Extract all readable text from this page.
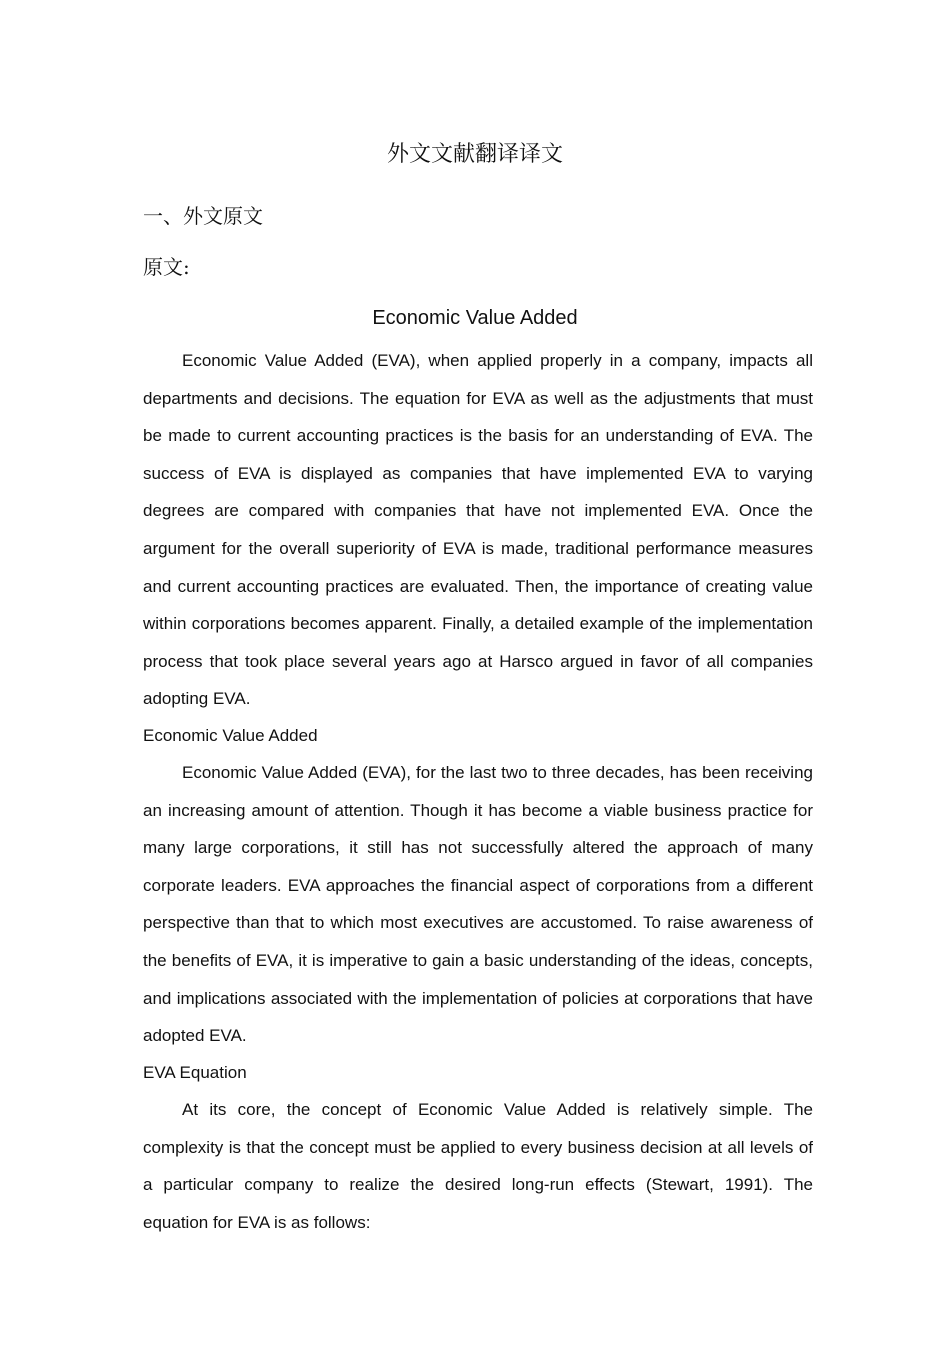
外文文献翻译译文
一、外文原文
原文:
Economic Value Added

Economic Value Added (EVA), when applied properly in a company, impacts all departments and decisions. The equation for EVA as well as the adjustments that must be made to current accounting practices is the basis for an understanding of EVA. The success of EVA is displayed as companies that have implemented EVA to varying degrees are compared with companies that have not implemented EVA. Once the argument for the overall superiority of EVA is made, traditional performance measures and current accounting practices are evaluated. Then, the importance of creating value within corporations becomes apparent. Finally, a detailed example of the implementation process that took place several years ago at Harsco argued in favor of all companies adopting EVA.

Economic Value Added

Economic Value Added (EVA), for the last two to three decades, has been receiving an increasing amount of attention. Though it has become a viable business practice for many large corporations, it still has not successfully altered the approach of many corporate leaders. EVA approaches the financial aspect of corporations from a different perspective than that to which most executives are accustomed. To raise awareness of the benefits of EVA, it is imperative to gain a basic understanding of the ideas, concepts, and implications associated with the implementation of policies at corporations that have adopted EVA.

EVA Equation

At its core, the concept of Economic Value Added is relatively simple. The complexity is that the concept must be applied to every business decision at all levels of a particular company to realize the desired long-run effects (Stewart, 1991). The equation for EVA is as follows:
